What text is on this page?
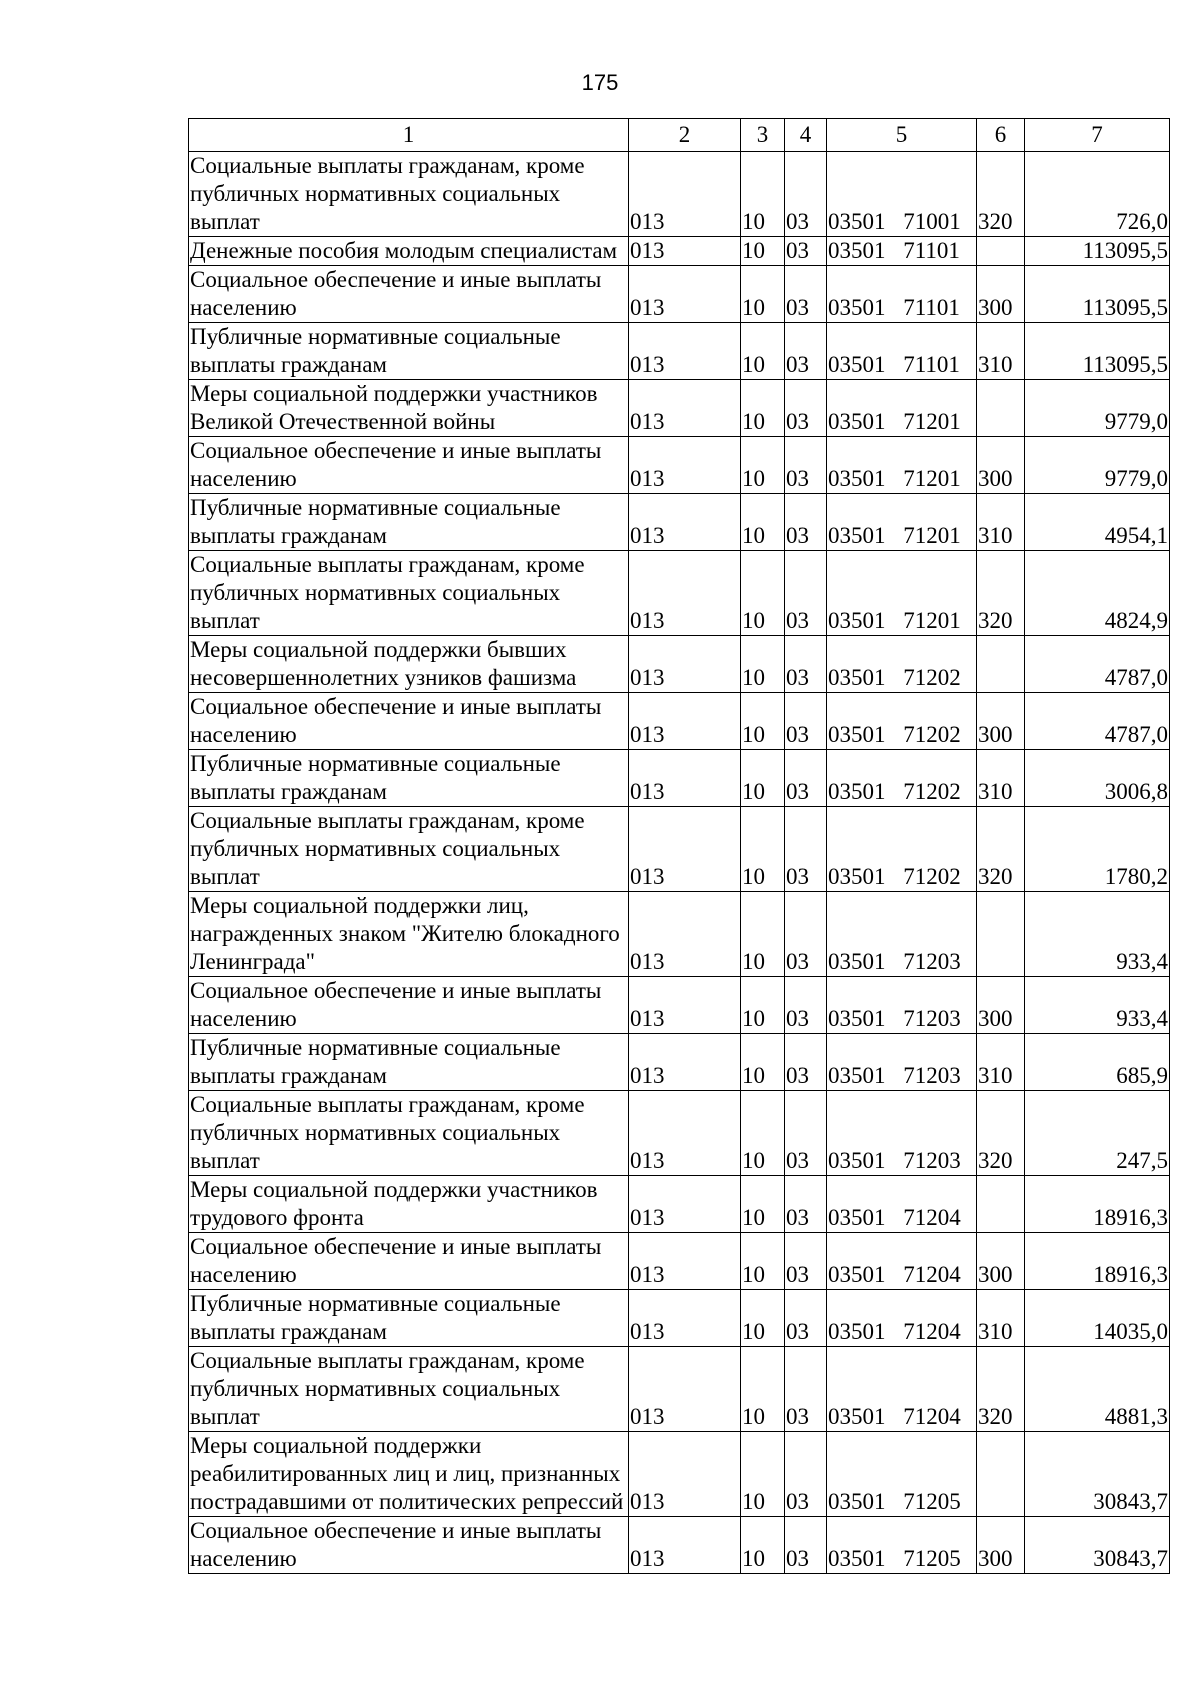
175
1	2	3	4	5	6	7
Социальные выплаты гражданам, кроме публичных нормативных социальных выплат	013	10	03	03501 71001	320	726,0
Денежные пособия молодым специалистам	013	10	03	03501 71101		113095,5
Социальное обеспечение и иные выплаты населению	013	10	03	03501 71101	300	113095,5
Публичные нормативные социальные выплаты гражданам	013	10	03	03501 71101	310	113095,5
Меры социальной поддержки участников Великой Отечественной войны	013	10	03	03501 71201		9779,0
Социальное обеспечение и иные выплаты населению	013	10	03	03501 71201	300	9779,0
Публичные нормативные социальные выплаты гражданам	013	10	03	03501 71201	310	4954,1
Социальные выплаты гражданам, кроме публичных нормативных социальных выплат	013	10	03	03501 71201	320	4824,9
Меры социальной поддержки бывших несовершеннолетних узников фашизма	013	10	03	03501 71202		4787,0
Социальное обеспечение и иные выплаты населению	013	10	03	03501 71202	300	4787,0
Публичные нормативные социальные выплаты гражданам	013	10	03	03501 71202	310	3006,8
Социальные выплаты гражданам, кроме публичных нормативных социальных выплат	013	10	03	03501 71202	320	1780,2
Меры социальной поддержки лиц, награжденных знаком "Жителю блокадного Ленинграда"	013	10	03	03501 71203		933,4
Социальное обеспечение и иные выплаты населению	013	10	03	03501 71203	300	933,4
Публичные нормативные социальные выплаты гражданам	013	10	03	03501 71203	310	685,9
Социальные выплаты гражданам, кроме публичных нормативных социальных выплат	013	10	03	03501 71203	320	247,5
Меры социальной поддержки участников трудового фронта	013	10	03	03501 71204		18916,3
Социальное обеспечение и иные выплаты населению	013	10	03	03501 71204	300	18916,3
Публичные нормативные социальные выплаты гражданам	013	10	03	03501 71204	310	14035,0
Социальные выплаты гражданам, кроме публичных нормативных социальных выплат	013	10	03	03501 71204	320	4881,3
Меры социальной поддержки реабилитированных лиц и лиц, признанных пострадавшими от политических репрессий	013	10	03	03501 71205		30843,7
Социальное обеспечение и иные выплаты населению	013	10	03	03501 71205	300	30843,7
